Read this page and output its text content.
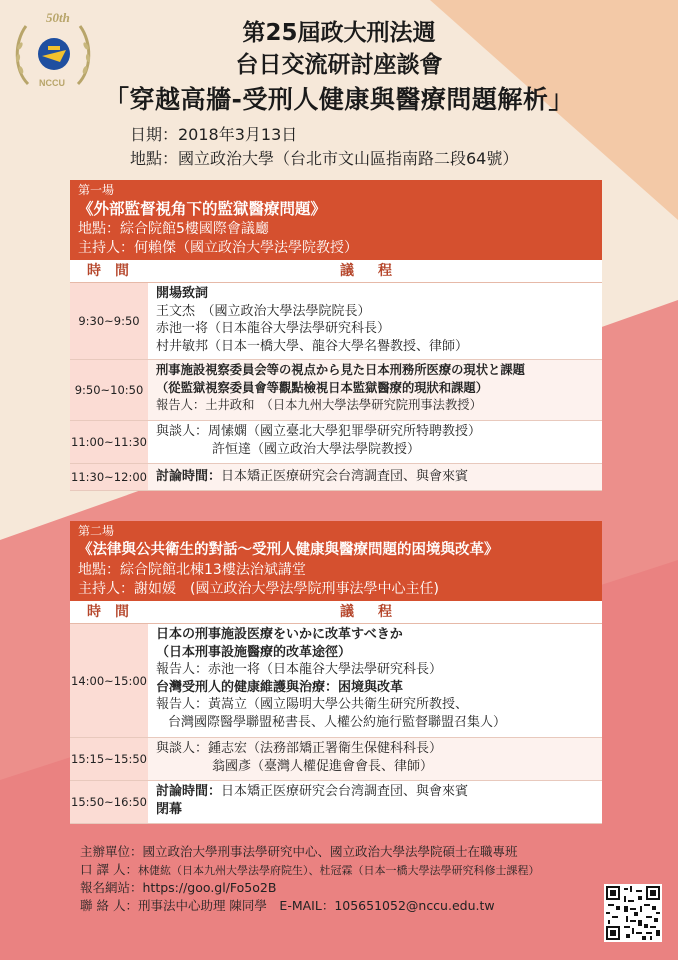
50th
NCCU
第25屆政大刑法週
台日交流研討座談會
「穿越高牆-受刑人健康與醫療問題解析」
日期：2018年3月13日
地點：國立政治大學（台北市文山區指南路二段64號）
第一場
《外部監督視角下的監獄醫療問題》
地點：綜合院館5樓國際會議廳
主持人：何賴傑（國立政治大學法學院教授）
時間	議程
9:30~9:50
開場致詞
王文杰　（國立政治大學法學院院長）
赤池一将（日本龍谷大學法學研究科長）
村井敏邦（日本一橋大學、龍谷大學名譽教授、律師）
9:50~10:50
刑事施設視察委員会等の視点から見た日本刑務所医療の現状と課題
（從監獄視察委員會等觀點檢視日本監獄醫療的現狀和課題）
報告人：土井政和　（日本九州大學法學研究院刑事法教授）
11:00~11:30
與談人：周愫嫻（國立臺北大學犯罪學研究所特聘教授）
許恒達（國立政治大學法學院教授）
11:30~12:00 討論時間： 日本矯正医療研究会台湾調査団、與會來賓
第二場
《法律與公共衛生的對話～受刑人健康與醫療問題的困境與改革》
地點：綜合院館北棟13樓法治斌講堂
主持人：謝如媛　(國立政治大學法學院刑事法學中心主任)
時間	議程
14:00~15:00
日本の刑事施設医療をいかに改革すべきか
（日本刑事設施醫療的改革途徑）
報告人：赤池一将（日本龍谷大學法學研究科長）
台灣受刑人的健康維護與治療：困境與改革
報告人：黃嵩立（國立陽明大學公共衛生研究所教授、
台灣國際醫學聯盟秘書長、人權公約施行監督聯盟召集人）
15:15~15:50
與談人：鍾志宏（法務部矯正署衛生保健科科長）
翁國彥（臺灣人權促進會會長、律師）
15:50~16:50
討論時間：日本矯正医療研究会台湾調査団、與會來賓
閉幕
主辦單位：國立政治大學刑事法學研究中心、國立政治大學法學院碩士在職專班
口 譯 人：林倢紘（日本九州大學法學府院生）、杜冠霖（日本一橋大學法學研究科修士課程）
報名網站：https://goo.gl/Fo5o2B
聯 絡 人：刑事法中心助理 陳同學　E-MAIL：105651052@nccu.edu.tw
